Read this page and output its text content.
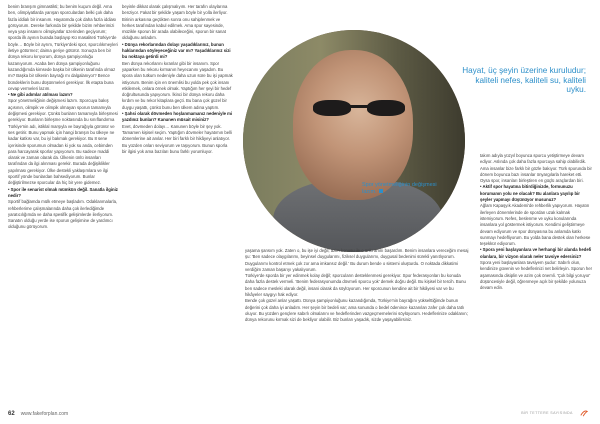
benim branşım gimnastikti; bu benim kuçum değil. Ama ben, olimpiyatlarda yarışan sporculardan belki çok daha fazla iddialı bir insanım. Hayatımda çok daha fazla iddiası görüyorum. Dereke farkında bir şekilde bizim rehberimizi veya yaşı insanını olimpiyatlar üzerinden geçiyorum; sporda ilk ayının burada başlayıp Kü masaliteti Türkiye'de böyle… Böyle bir ayrım, Türkiye'deki spor, sporcılıkmeyleri iletiye götürmez; daima geriye götürür. Sonuçta ben bir dünya rekoru kırıyorum, dünya şampiyonluğu kazanıyorum. Acaba ben dünya şampiyonluğunu kazandığımda kimsede başka bir ülkenin tarafında olmaz mı? Başka bir ülkenin bayrağı mı dalgalanıyor? Bence bündeklerin bunu düşünmeleri gerekiyor. İlk etapta buna cevap vermeleri lazım.

• Ne gibi adımlar atılması lazım?

Spor yönetmeliğinin değişmesi lazım. Sporcuya bakış açısının, olimpik ve olimpik olmayan sporun tamamıyla değişmesi gerekiyor. Çünkü bunların tamamıyla birleşmesi gerekiyor. Bunların birleşme noktasında bu sınıflandırma Türkiye'nin adı, istiklal marşıyla ve bayrağıyla görünür ve ses getirir. Bunu yapmak için hangi branşın bu ülkeye ne kadar katkısı var, bu iyi bakmak gerekiyor. Bu 8 sene içerisinde sporumun olmadan ki yok su anda, cebimden para harcayarak sporlar yapıyorum. Bu sadece maddi olarak ve zaman olarak da. Ülkenin ünlü insanları tarafından da ilgi alınması gerekir. Burada değişiklikler yapılması gerekiyor. Ülke destekli yaklaşımlara ve ilgi sportif yönde bunlardan bahsediyorum. Bunlar değiştirilmezse sporcular da hiç bir yere gidemez.

• Spor ile senarist olmak mümkün değil. Sanatla ilginiz nedir?

Sportif bağlamda mülk etmeye başladım. Odaklanmalarla, rehberlerime çalışmalarında daha çok ilerlediğimde yaratıcılığımda ve daha spesifik gelişimlerde ilerliyorum. Sanatın olduğu yerde ise sporun gelişimine de yardımcı olduğunu görüyorum.

beyinle dikkat olarak çalışmalıyım. Her tarafın olaylarına benziyor. Fakat bir şekilde yaşam böyle bir yolla ilerliyor. Birinin arkasına geçtikten sonra onu sahiplenmek ve herkes tarafından kabul edilmek. Ama spor sayesinde, müzikle sporun bir arada olabileceğini, sporun bir sanat olduğunu anladım.

• Dünya rekorlarından dolayı yaşadıklarınız, bunun haklarından söyleyeceğiniz var mı? Yaşadıklarınız sizi bu noktaya getirdi mi?

Ben dünya rekorlarını kıranlar gibi bir insanım. Spor yaparken bu rekoru kırmanın heyecanını yaşadım. Bu spora olan tutkum nedeniyle daha uzun süre bu işi yapmak istiyorum. Benim için en önemlisi bu yolda pek çok insanı etkilemek, onlara örnek olmak. Yaptığım her şeyi bir hedef doğrultusunda yapıyorum. İkinci bir dünya rekoru daha kırdım ve bu rekor kitaplara geçti. Bu bana çok güzel bir duygu yaşattı, çünkü bunu ben ülkem adına yaptım.

• Şahsi olarak dövmeden hoşlanmamanız nedeniyle mi yazdınız bunları? Kanunen müsait misiniz?

Evet, dövmeden dolayı… Kanunen böyle bir şey yok. Tamamen kişisel seçim. Yaptığım dövmeler hayatımın belli dönemlerine ait anılar. Her biri farklı bir hikâyeyi anlatıyor. Bu yüzden onları seviyorum ve taşıyorum. Bunun sporla bir ilgisi yok ama bazıları bunu farklı yorumluyor.

Hayat, üç şeyin üzerine kuruludur; kaliteli nefes, kaliteli su, kaliteli uyku.
Spor yönetmeliğinin değişmesi lazım.

yaşama şansım yok. Zaten o, bu işe iyi değil; azim konusu ile o ünlü anını başardım. Benim insanlara vereceğim mesaj şu: 'Ben sadece olaygılarımı, beyinsel duygularımı, fiziksel duygularımı, duygusal bedenimi sürekli yanıtlıyorum. Duygularımı kontrol etmek çok zor ama imkansız değil.' Bu durum bende o sistemi oluşturdu. O noktada dikkatimi verdiğim zaman başarıyı yakalıyorum.

Türkiye'de sporda bir yer edinmek kolay değil; sporcuların desteklenmesi gerekiyor. Spor federasyonları bu konuda daha fazla destek vermeli. 'Benim federasyonumda dövmeli sporcu yok' demek doğru değil. Bu kişisel bir tercih. Bunu ben sadece mesleki olarak değil, insani olarak da söylüyorum. Her sporcunun kendine ait bir hikâyesi var ve bu hikâyeler saygıyı hak ediyor.

Bende çok güzel anlar yaşattı. Dünya şampiyonluğunu kazandığımda, Türkiye'nin bayrağını yükselttiğimde bunun değerini çok daha iyi anladım. Her şeyin bir bedeli var; ama sonunda o bedel ödenince kazanılan zafer çok daha tatlı oluyor. Bu yüzden gençlere sabırlı olmalarını ve hedeflerinden vazgeçmemelerini söylüyorum. Hedeflerinize odaklanın; dünya rekorunu kırmak sizi de bekliyor olabilir. Biz bunları yaşadık, sizde yaşayabilirsiniz.

takım adıyla yüzyıl boyunca sporcu yetiştirmeye devam ediyor. Aslında çok daha fazla sporcuya sahip olabilirdik. Ama insanlar bize farklı bir gözle bakıyor. Türk sporunda bir dönem boyunca bazı insanlar önyargılarla hareket etti. Oysa spor, insanları birleştiren en güçlü araçlardan biri.

• Aktif spor hayatına bitirdiğinizde, formunuzu korumanın yolu ne olacak? Bu alanlara yayılıp bir şeyler yapmayı düşünüyor musunuz?

Ağlam Kapaşyık Akademi'de rehberlik yapıyorum. Hayatın ilerleyen dönemlerinde de spordan uzak kalmak istemiyorum. Nefes, beslenme ve uyku konularında insanlara yol göstermek istiyorum. Kendimi geliştirmeye devam ediyorum ve spor dünyasına bu anlamda katkı sunmayı hedefliyorum. Bu yolda bana destek olan herkese teşekkür ediyorum.

• Spora yeni başlayanlara ve herhangi bir alanda hedefi olanlara, bir vizyon olarak neler tavsiye edersiniz?

Spora yeni başlayanlara tavsiyem şudur: Sabırlı olun, kendinize güvenin ve hedeflerinizi net belirleyin. Sporun her aşamasında disiplin ve azim çok önemli. 'Çok bilgi yoruyor' düşüncesiyle değil, öğrenmeye açık bir şekilde yolunuza devam edin.

62 www.fakeforplan.com	BİR TETTERE SAYISINDA
